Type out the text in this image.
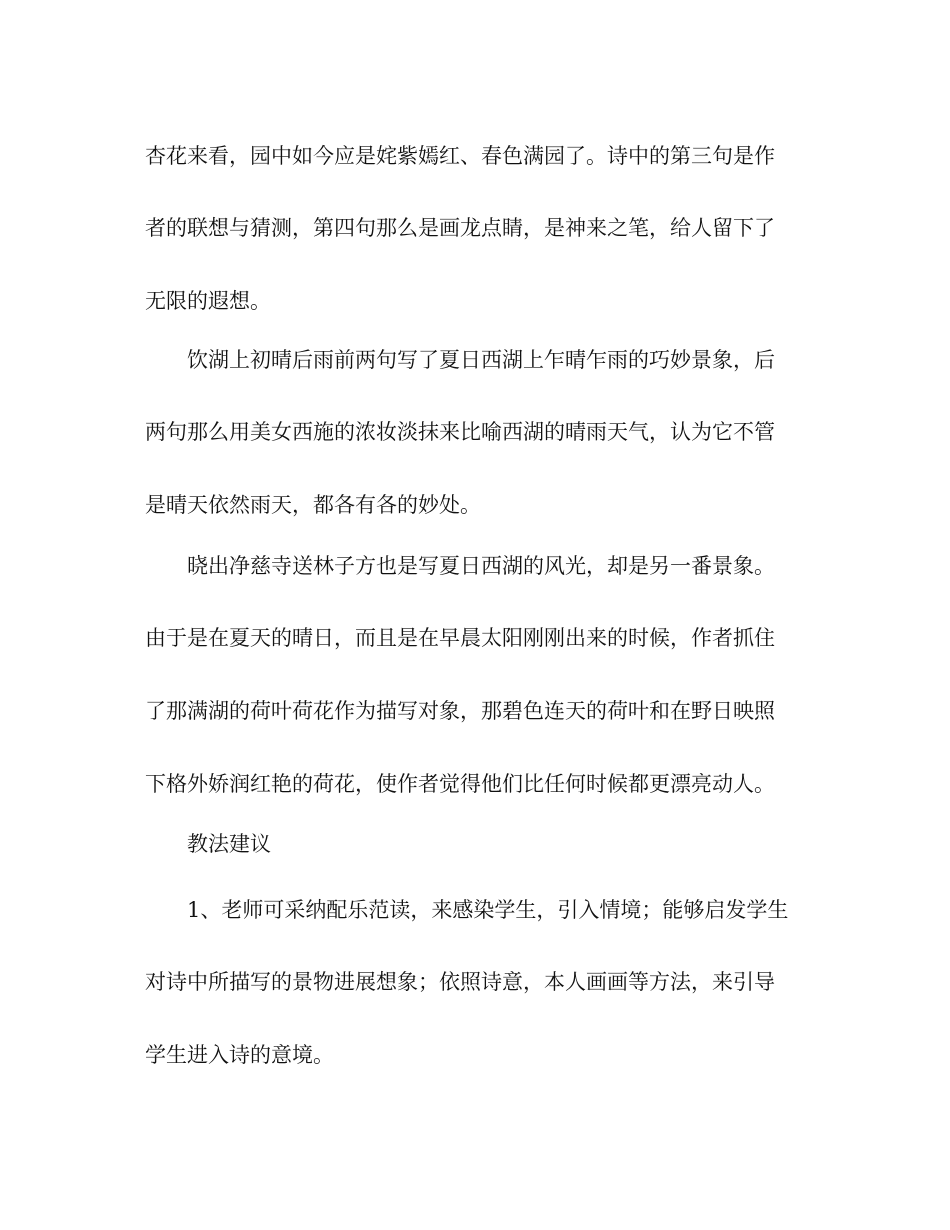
杏花来看，园中如今应是姹紫嫣红、春色满园了。诗中的第三句是作

者的联想与猜测，第四句那么是画龙点睛，是神来之笔，给人留下了

无限的遐想。

饮湖上初晴后雨前两句写了夏日西湖上乍晴乍雨的巧妙景象，后

两句那么用美女西施的浓妆淡抹来比喻西湖的晴雨天气，认为它不管

是晴天依然雨天，都各有各的妙处。

晓出净慈寺送林子方也是写夏日西湖的风光，却是另一番景象。

由于是在夏天的晴日，而且是在早晨太阳刚刚出来的时候，作者抓住

了那满湖的荷叶荷花作为描写对象，那碧色连天的荷叶和在野日映照

下格外娇润红艳的荷花，使作者觉得他们比任何时候都更漂亮动人。

教法建议

1、老师可采纳配乐范读，来感染学生，引入情境；能够启发学生

对诗中所描写的景物进展想象；依照诗意，本人画画等方法，来引导

学生进入诗的意境。
